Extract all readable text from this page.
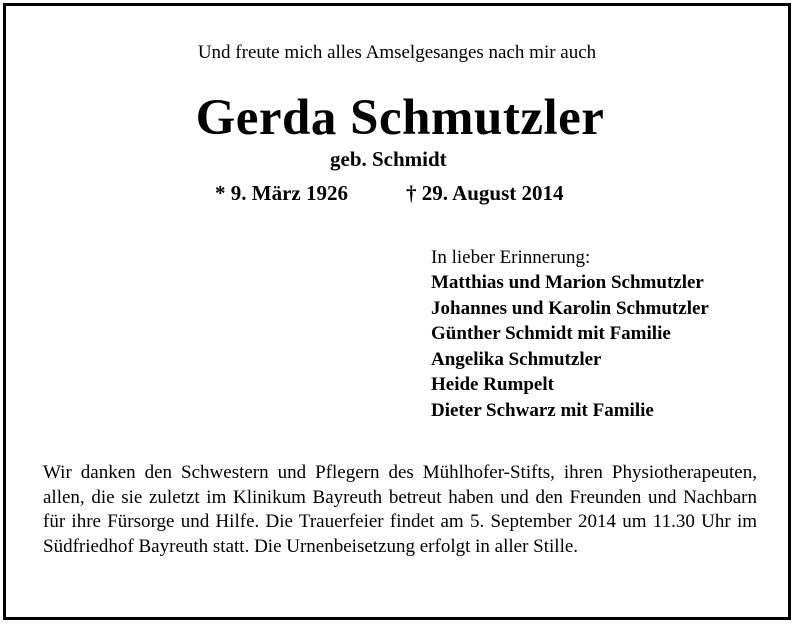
Und freute mich alles Amselgesanges nach mir auch
Gerda Schmutzler
geb. Schmidt
* 9. März 1926	† 29. August 2014
In lieber Erinnerung:
Matthias und Marion Schmutzler
Johannes und Karolin Schmutzler
Günther Schmidt mit Familie
Angelika Schmutzler
Heide Rumpelt
Dieter Schwarz mit Familie

Wir danken den Schwestern und Pflegern des Mühlhofer-Stifts, ihren Physiotherapeuten, allen, die sie zuletzt im Klinikum Bayreuth betreut haben und den Freunden und Nachbarn für ihre Fürsorge und Hilfe. Die Trauerfeier findet am 5. September 2014 um 11.30 Uhr im Südfriedhof Bayreuth statt. Die Urnenbeisetzung erfolgt in aller Stille.
